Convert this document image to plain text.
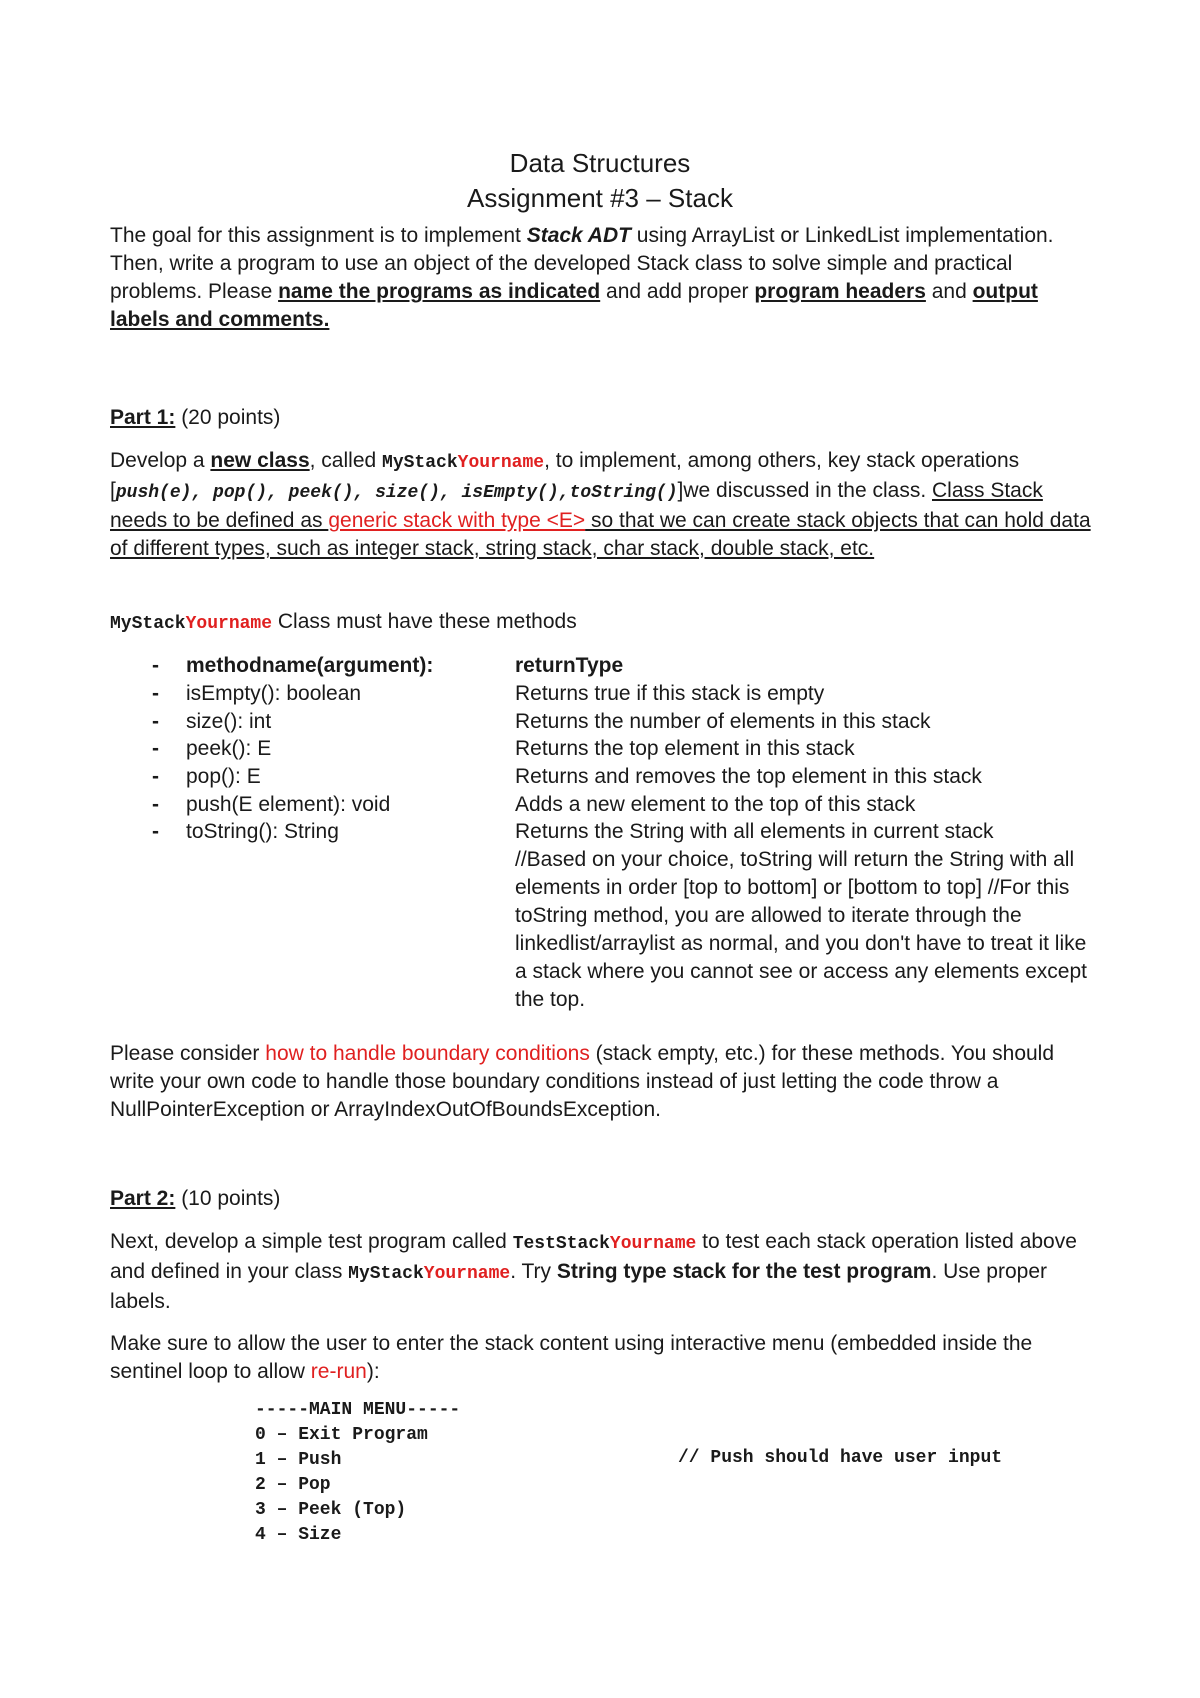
Data Structures
Assignment #3 – Stack
The goal for this assignment is to implement Stack ADT using ArrayList or LinkedList implementation. Then, write a program to use an object of the developed Stack class to solve simple and practical problems. Please name the programs as indicated and add proper program headers and output labels and comments.
Part 1: (20 points)
Develop a new class, called MyStackYourname, to implement, among others, key stack operations [push(e), pop(), peek(), size(), isEmpty(),toString()]we discussed in the class. Class Stack needs to be defined as generic stack with type <E> so that we can create stack objects that can hold data of different types, such as integer stack, string stack, char stack, double stack, etc.
MyStackYourname Class must have these methods
- methodname(argument):	returnType
- isEmpty(): boolean	Returns true if this stack is empty
- size(): int	Returns the number of elements in this stack
- peek(): E	Returns the top element in this stack
- pop(): E	Returns and removes the top element in this stack
- push(E element): void	Adds a new element to the top of this stack
- toString(): String	Returns the String with all elements in current stack
//Based on your choice, toString will return the String with all elements in order [top to bottom] or [bottom to top] //For this toString method, you are allowed to iterate through the linkedlist/arraylist as normal, and you don't have to treat it like a stack where you cannot see or access any elements except the top.
Please consider how to handle boundary conditions (stack empty, etc.) for these methods. You should write your own code to handle those boundary conditions instead of just letting the code throw a NullPointerException or ArrayIndexOutOfBoundsException.
Part 2: (10 points)
Next, develop a simple test program called TestStackYourname to test each stack operation listed above and defined in your class MyStackYourname. Try String type stack for the test program. Use proper labels.
Make sure to allow the user to enter the stack content using interactive menu (embedded inside the sentinel loop to allow re-run):
-----MAIN MENU-----
0 – Exit Program
1 – Push	// Push should have user input
2 – Pop
3 – Peek (Top)
4 – Size
